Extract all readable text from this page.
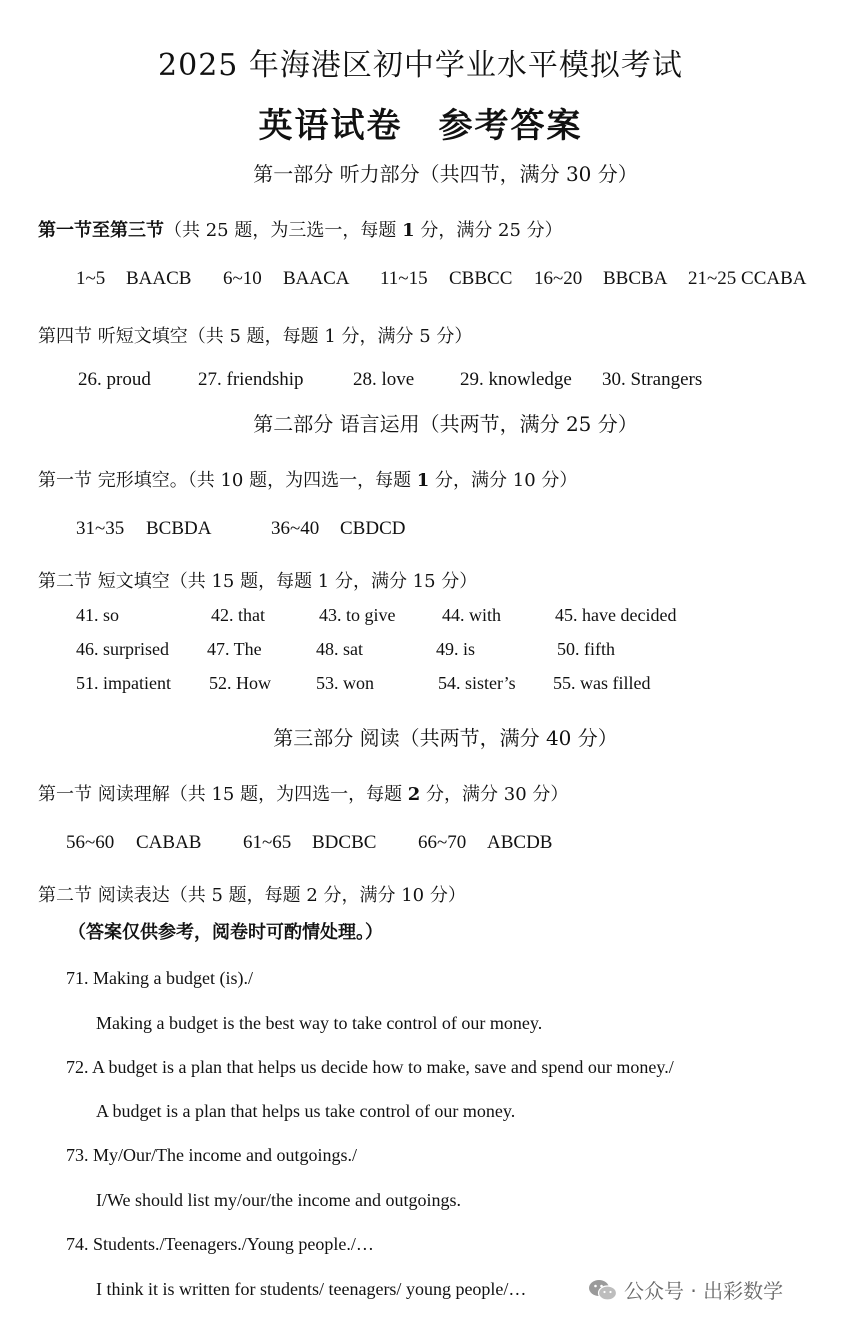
2025 年海港区初中学业水平模拟考试
英语试卷　参考答案
第一部分 听力部分（共四节，满分 30 分）
第一节至第三节（共 25 题，为三选一，每题 1 分，满分 25 分）
1~5 BAACB 6~10 BAACA 11~15 CBBCC 16~20 BBCBA 21~25 CCABA
第四节 听短文填空（共 5 题，每题 1 分，满分 5 分）
26. proud 27. friendship	28. love 29. knowledge 30. Strangers
第二部分 语言运用（共两节，满分 25 分）
第一节 完形填空。（共 10 题，为四选一，每题 1 分，满分 10 分）
31~35 BCBDA	36~40 CBDCD
第二节 短文填空（共 15 题，每题 1 分，满分 15 分）
41. so	42. that	43. to give	44. with	45. have decided
46. surprised 47. The	48. sat	49. is	50. fifth
51. impatient 52. How	53. won	54. sister’s 55. was filled
第三部分 阅读（共两节，满分 40 分）
第一节 阅读理解（共 15 题，为四选一，每题 2 分，满分 30 分）
56~60 CABAB 61~65 BDCBC 66~70 ABCDB
第二节 阅读表达（共 5 题，每题 2 分，满分 10 分）
（答案仅供参考，阅卷时可酌情处理。）
71. Making a budget (is)./
Making a budget is the best way to take control of our money.
72. A budget is a plan that helps us decide how to make, save and spend our money./
A budget is a plan that helps us take control of our money.
73. My/Our/The income and outgoings./
I/We should list my/our/the income and outgoings.
74. Students./Teenagers./Young people./…
I think it is written for students/ teenagers/ young people/…	公众号 · 出彩数学
